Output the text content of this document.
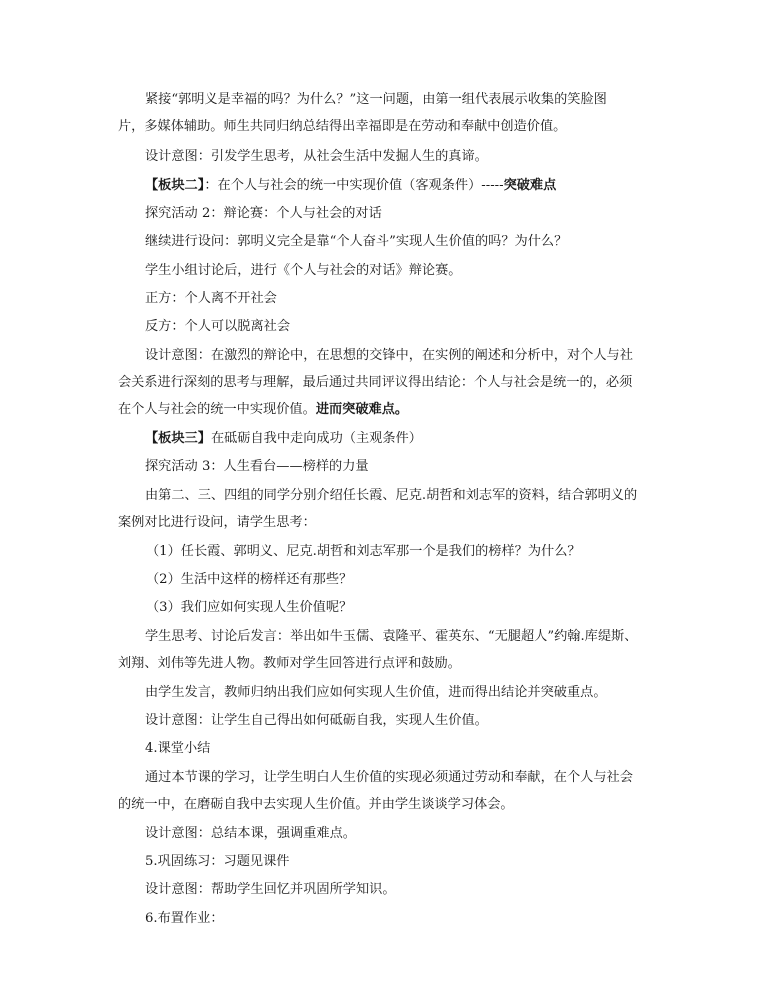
紧接“郭明义是幸福的吗？为什么？”这一问题，由第一组代表展示收集的笑脸图
片，多媒体辅助。师生共同归纳总结得出幸福即是在劳动和奉献中创造价值。
设计意图：引发学生思考，从社会生活中发掘人生的真谛。
【板块二】：在个人与社会的统一中实现价值（客观条件）-----突破难点
探究活动 2：辩论赛：个人与社会的对话
继续进行设问：郭明义完全是靠“个人奋斗”实现人生价值的吗？为什么？
学生小组讨论后，进行《个人与社会的对话》辩论赛。
正方：个人离不开社会
反方：个人可以脱离社会
设计意图：在激烈的辩论中，在思想的交锋中，在实例的阐述和分析中，对个人与社
会关系进行深刻的思考与理解，最后通过共同评议得出结论：个人与社会是统一的，必须
在个人与社会的统一中实现价值。进而突破难点。
【板块三】在砥砺自我中走向成功（主观条件）
探究活动 3：人生看台——榜样的力量
由第二、三、四组的同学分别介绍任长霞、尼克.胡哲和刘志军的资料，结合郭明义的
案例对比进行设问，请学生思考：
（1）任长霞、郭明义、尼克.胡哲和刘志军那一个是我们的榜样？为什么？
（2）生活中这样的榜样还有那些？
（3）我们应如何实现人生价值呢？
学生思考、讨论后发言：举出如牛玉儒、袁隆平、霍英东、“无腿超人”约翰.库缇斯、
刘翔、刘伟等先进人物。教师对学生回答进行点评和鼓励。
由学生发言，教师归纳出我们应如何实现人生价值，进而得出结论并突破重点。
设计意图：让学生自己得出如何砥砺自我，实现人生价值。
4.课堂小结
通过本节课的学习，让学生明白人生价值的实现必须通过劳动和奉献，在个人与社会
的统一中，在磨砺自我中去实现人生价值。并由学生谈谈学习体会。
设计意图：总结本课，强调重难点。
5.巩固练习：习题见课件
设计意图：帮助学生回忆并巩固所学知识。
6.布置作业：
